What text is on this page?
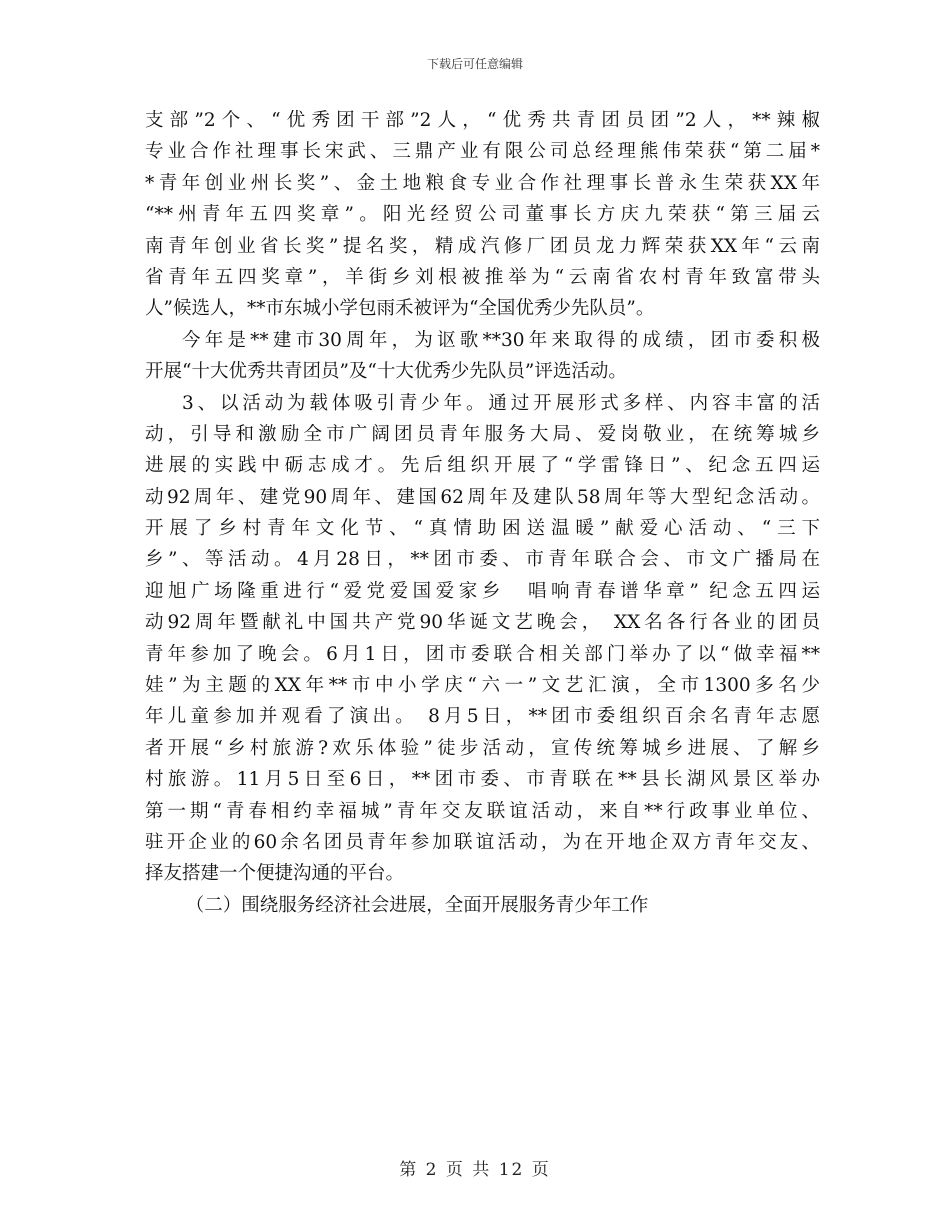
下载后可任意编辑
支部”2个、“优秀团干部”2人，“优秀共青团员团”2人，**辣椒
专业合作社理事长宋武、三鼎产业有限公司总经理熊伟荣获“第二届*
*青年创业州长奖”、金土地粮食专业合作社理事长普永生荣获XX年
“**州青年五四奖章”。阳光经贸公司董事长方庆九荣获“第三届云
南青年创业省长奖”提名奖，精成汽修厂团员龙力辉荣获XX年“云南
省青年五四奖章”，羊街乡刘根被推举为“云南省农村青年致富带头
人”候选人，**市东城小学包雨禾被评为“全国优秀少先队员”。
今年是**建市30周年，为讴歌**30年来取得的成绩，团市委积极
开展“十大优秀共青团员”及“十大优秀少先队员”评选活动。
3、以活动为载体吸引青少年。通过开展形式多样、内容丰富的活
动，引导和激励全市广阔团员青年服务大局、爱岗敬业，在统筹城乡
进展的实践中砺志成才。先后组织开展了“学雷锋日”、纪念五四运
动92周年、建党90周年、建国62周年及建队58周年等大型纪念活动。
开展了乡村青年文化节、“真情助困送温暖”献爱心活动、“三下
乡”、等活动。4月28日，**团市委、市青年联合会、市文广播局在
迎旭广场隆重进行“爱党爱国爱家乡　唱响青春谱华章” 纪念五四运
动92周年暨献礼中国共产党90华诞文艺晚会， XX名各行各业的团员
青年参加了晚会。6月1日，团市委联合相关部门举办了以“做幸福**
娃”为主题的XX年**市中小学庆“六一”文艺汇演，全市1300多名少
年儿童参加并观看了演出。 8月5日，**团市委组织百余名青年志愿
者开展“乡村旅游?欢乐体验”徒步活动，宣传统筹城乡进展、了解乡
村旅游。11月5日至6日，**团市委、市青联在**县长湖风景区举办
第一期“青春相约幸福城”青年交友联谊活动，来自**行政事业单位、
驻开企业的60余名团员青年参加联谊活动，为在开地企双方青年交友、
择友搭建一个便捷沟通的平台。
（二）围绕服务经济社会进展，全面开展服务青少年工作
第 2 页 共 12 页
